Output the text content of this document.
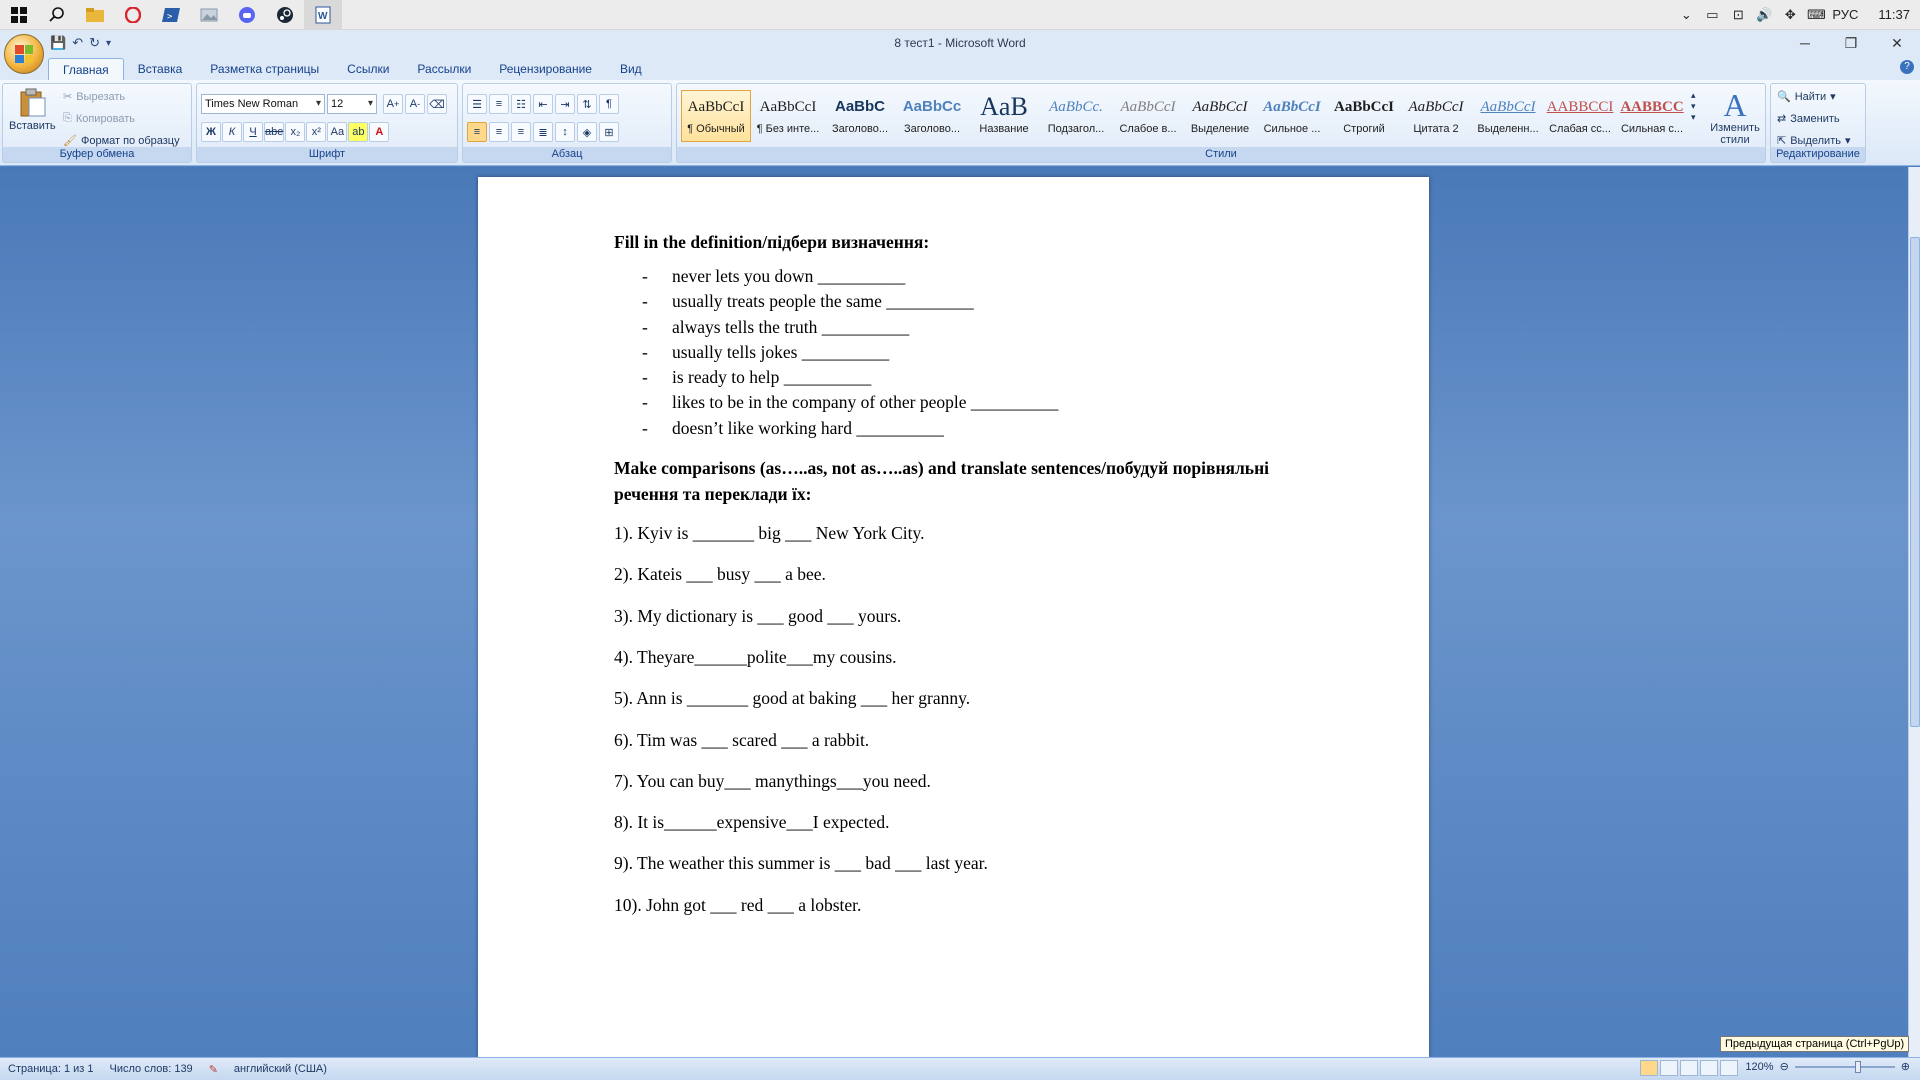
>	W	⌄	▭	⊡ 🔊 ✥ ⌨ РУС 11:37
💾 ↶ ↻ ▾	8 тест1 - Microsoft Word	─	❐	✕
Главная	Вставка	Разметка страницы	Ссылки	Рассылки	Рецензирование	Вид	?
Вставить
✂ Вырезать
⎘ Копировать
🖌 Формат по образцу
Буфер обмена
Times New Roman ▾	12 ▾	A + A - ⌫
Ж	К	Ч abe x₂	x² Aa ab A
Шрифт
☰	≡	☷	⇤	⇥	⇅	¶
≡	≡	≡	≣	↕	◈	⊞
Абзац
AaBbCcI
¶ Обычный
AaBbCcI
¶ Без инте...
AaBbC
Заголово...
AaBbCc
Заголово...
AaB
Название
AaBbCc.
Подзагол...
AaBbCcI
Слабое в...
AaBbCcI
Выделение
AaBbCcI
Сильное ...
AaBbCcI
Строгий
AaBbCcI
Цитата 2
AaBbCcI
Выделенн...
AABBCCI
Слабая сс...
AABBCC
Сильная с...
▴
▾
▾ A
Изменить стили
Стили
🔍 Найти ▾
⇄ Заменить
⇱ Выделить ▾
Редактирование
Fill in the definition/підбери визначення:
- never lets you down __________
- usually treats people the same __________
- always tells the truth __________
- usually tells jokes __________
- is ready to help __________
- likes to be in the company of other people __________
- doesn’t like working hard __________
Make comparisons (as…..as, not as…..as) and translate sentences/побудуй порівняльні речення та переклади їх:

1). Kyiv is _______ big ___ New York City.

2). Kateis ___ busy ___ a bee.

3). My dictionary is ___ good ___ yours.

4). Theyare______polite___my cousins.

5). Ann is _______ good at baking ___ her granny.

6). Tim was ___ scared ___ a rabbit.

7). You can buy___ manythings___you need.

8). It is______expensive___I expected.

9). The weather this summer is ___ bad ___ last year.

10). John got ___ red ___ a lobster.

Предыдущая страница (Ctrl+PgUp)
Страница: 1 из 1	Число слов: 139	✎	английский (США)	120% ⊖	⊕
